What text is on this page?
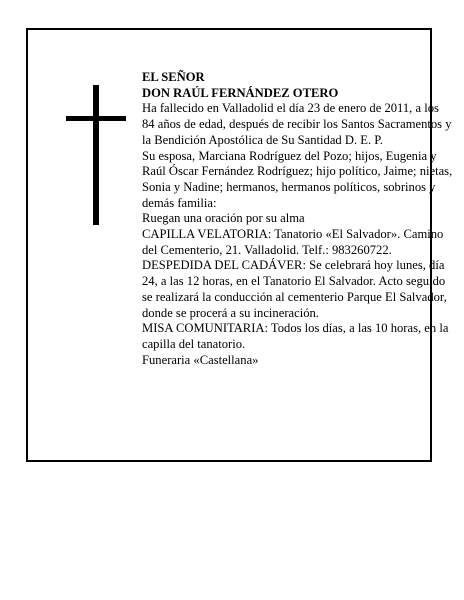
EL SEÑOR

DON RAÚL FERNÁNDEZ OTERO

Ha fallecido en Valladolid el día 23 de enero de 2011, a los 84 años de edad, después de recibir los Santos Sacramentos y la Bendición Apostólica de Su Santidad D. E. P.

Su esposa, Marciana Rodríguez del Pozo; hijos, Eugenia y Raúl Óscar Fernández Rodríguez; hijo político, Jaime; nietas, Sonia y Nadine; hermanos, hermanos políticos, sobrinos y demás familia:

Ruegan una oración por su alma

CAPILLA VELATORIA: Tanatorio «El Salvador». Camino del Cementerio, 21. Valladolid. Telf.: 983260722.

DESPEDIDA DEL CADÁVER: Se celebrará hoy lunes, día 24, a las 12 horas, en el Tanatorio El Salvador. Acto seguido se realizará la conducción al cementerio Parque El Salvador, donde se procerá a su incineración.

MISA COMUNITARIA: Todos los días, a las 10 horas, en la capilla del tanatorio.

Funeraria «Castellana»
